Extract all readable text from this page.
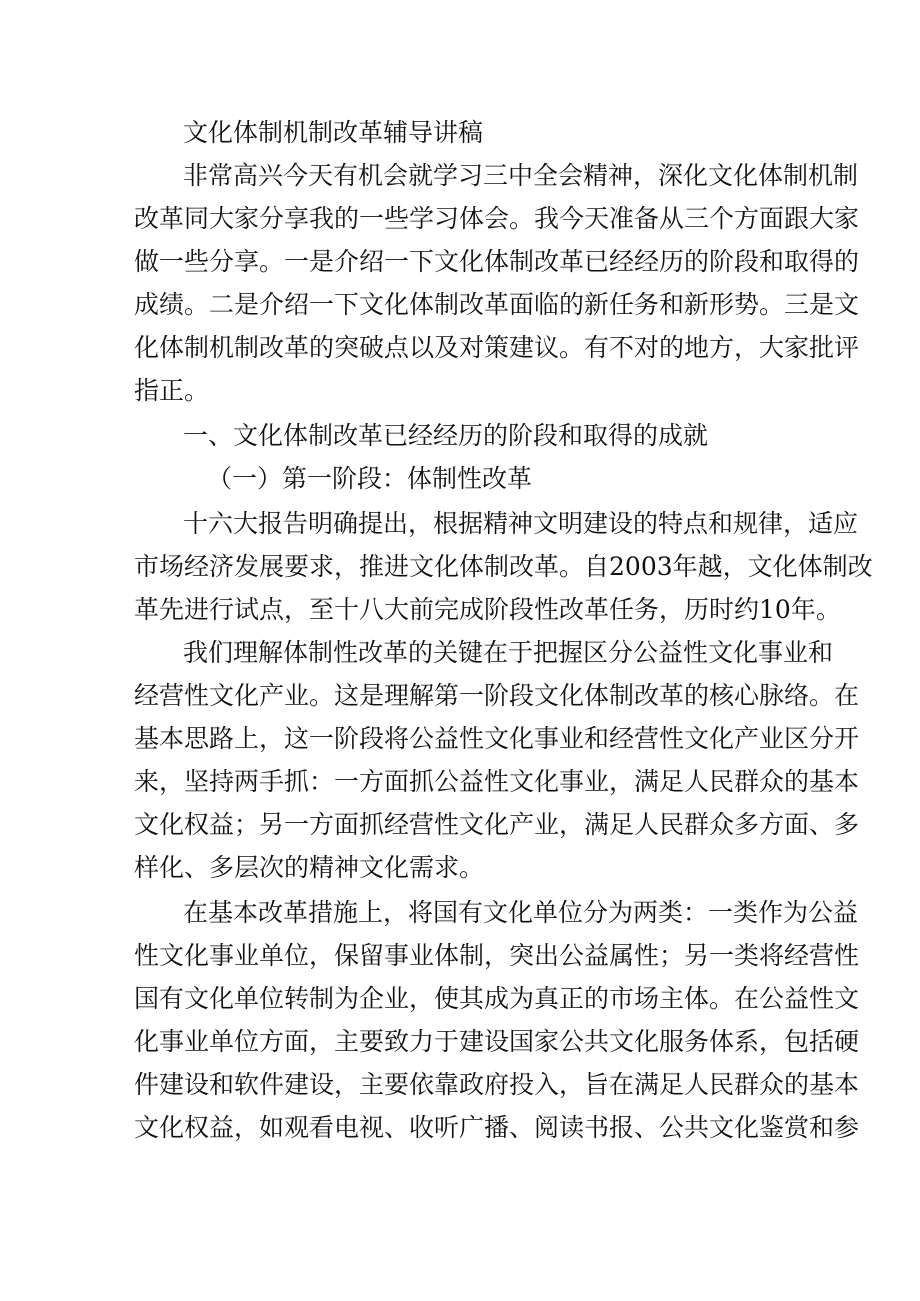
文化体制机制改革辅导讲稿
非常高兴今天有机会就学习三中全会精神，深化文化体制机制
改革同大家分享我的一些学习体会。我今天准备从三个方面跟大家
做一些分享。一是介绍一下文化体制改革已经经历的阶段和取得的
成绩。二是介绍一下文化体制改革面临的新任务和新形势。三是文
化体制机制改革的突破点以及对策建议。有不对的地方，大家批评
指正。
一、文化体制改革已经经历的阶段和取得的成就
（一）第一阶段：体制性改革
十六大报告明确提出，根据精神文明建设的特点和规律，适应
市场经济发展要求，推进文化体制改革。自2003年越，文化体制改
革先进行试点，至十八大前完成阶段性改革任务，历时约10年。
我们理解体制性改革的关键在于把握区分公益性文化事业和
经营性文化产业。这是理解第一阶段文化体制改革的核心脉络。在
基本思路上，这一阶段将公益性文化事业和经营性文化产业区分开
来，坚持两手抓：一方面抓公益性文化事业，满足人民群众的基本
文化权益；另一方面抓经营性文化产业，满足人民群众多方面、多
样化、多层次的精神文化需求。
在基本改革措施上，将国有文化单位分为两类：一类作为公益
性文化事业单位，保留事业体制，突出公益属性；另一类将经营性
国有文化单位转制为企业，使其成为真正的市场主体。在公益性文
化事业单位方面，主要致力于建设国家公共文化服务体系，包括硬
件建设和软件建设，主要依靠政府投入，旨在满足人民群众的基本
文化权益，如观看电视、收听广播、阅读书报、公共文化鉴赏和参
